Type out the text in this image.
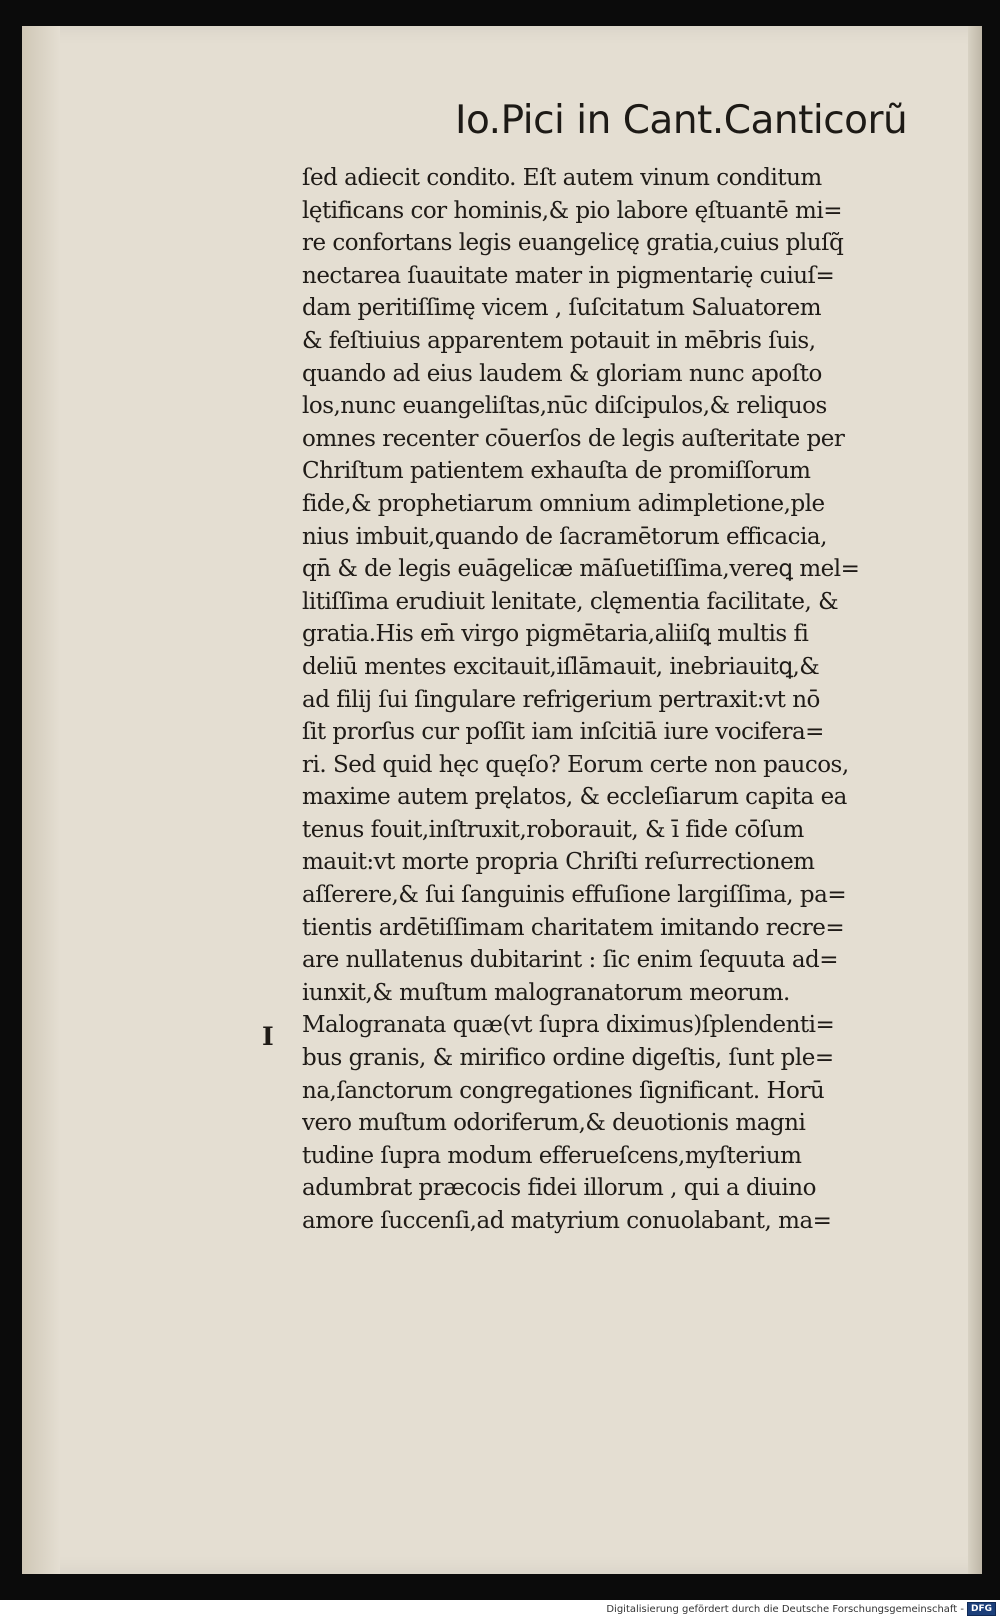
Io.Pici in Cant.Canticorũ
I
ſed adiecit condito. Eſt autem vinum conditum
lętificans cor hominis,& pio labore ęſtuantē mi=
re confortans legis euangelicę gratia,cuius pluſq̃
nectarea ſuauitate mater in pigmentarię cuiuſ=
dam peritiſſimę vicem , ſuſcitatum Saluatorem
& feſtiuius apparentem potauit in mēbris ſuis,
quando ad eius laudem & gloriam nunc apoſto
los,nunc euangeliſtas,nūc diſcipulos,& reliquos
omnes recenter cōuerſos de legis auſteritate per
Chriſtum patientem exhauſta de promiſſorum
fide,& prophetiarum omnium adimpletione,ple
nius imbuit,quando de ſacramētorum efficacia,
qn̄ & de legis euāgelicæ māſuetiſſima,vereꝗ mel=
litiſſima erudiuit lenitate, clęmentia facilitate, &
gratia.His em̄ virgo pigmētaria,aliiſꝗ multis fi
deliū mentes excitauit,iſlāmauit, inebriauitꝗ,&
ad filij ſui ſingulare refrigerium pertraxit:vt nō
ſit prorſus cur poſſit iam inſcitiā iure vocifera=
ri. Sed quid hęc quęſo? Eorum certe non paucos,
maxime autem pręlatos, & eccleſiarum capita ea
tenus fouit,inſtruxit,roborauit, & ī fide cōſum
mauit:vt morte propria Chriſti reſurrectionem
aſſerere,& ſui ſanguinis effuſione largiſſima, pa=
tientis ardētiſſimam charitatem imitando recre=
are nullatenus dubitarint : ſic enim ſequuta ad=
iunxit,& muſtum malogranatorum meorum.
Malogranata quæ(vt ſupra diximus)ſplendenti=
bus granis, & mirifico ordine digeſtis, ſunt ple=
na,ſanctorum congregationes ſignificant. Horū
vero muſtum odoriferum,& deuotionis magni
tudine ſupra modum efferueſcens,myſterium
adumbrat præcocis fidei illorum , qui a diuino
amore ſuccenſi,ad matyrium conuolabant, ma=
Digitalisierung gefördert durch die Deutsche Forschungsgemeinschaft - DFG
